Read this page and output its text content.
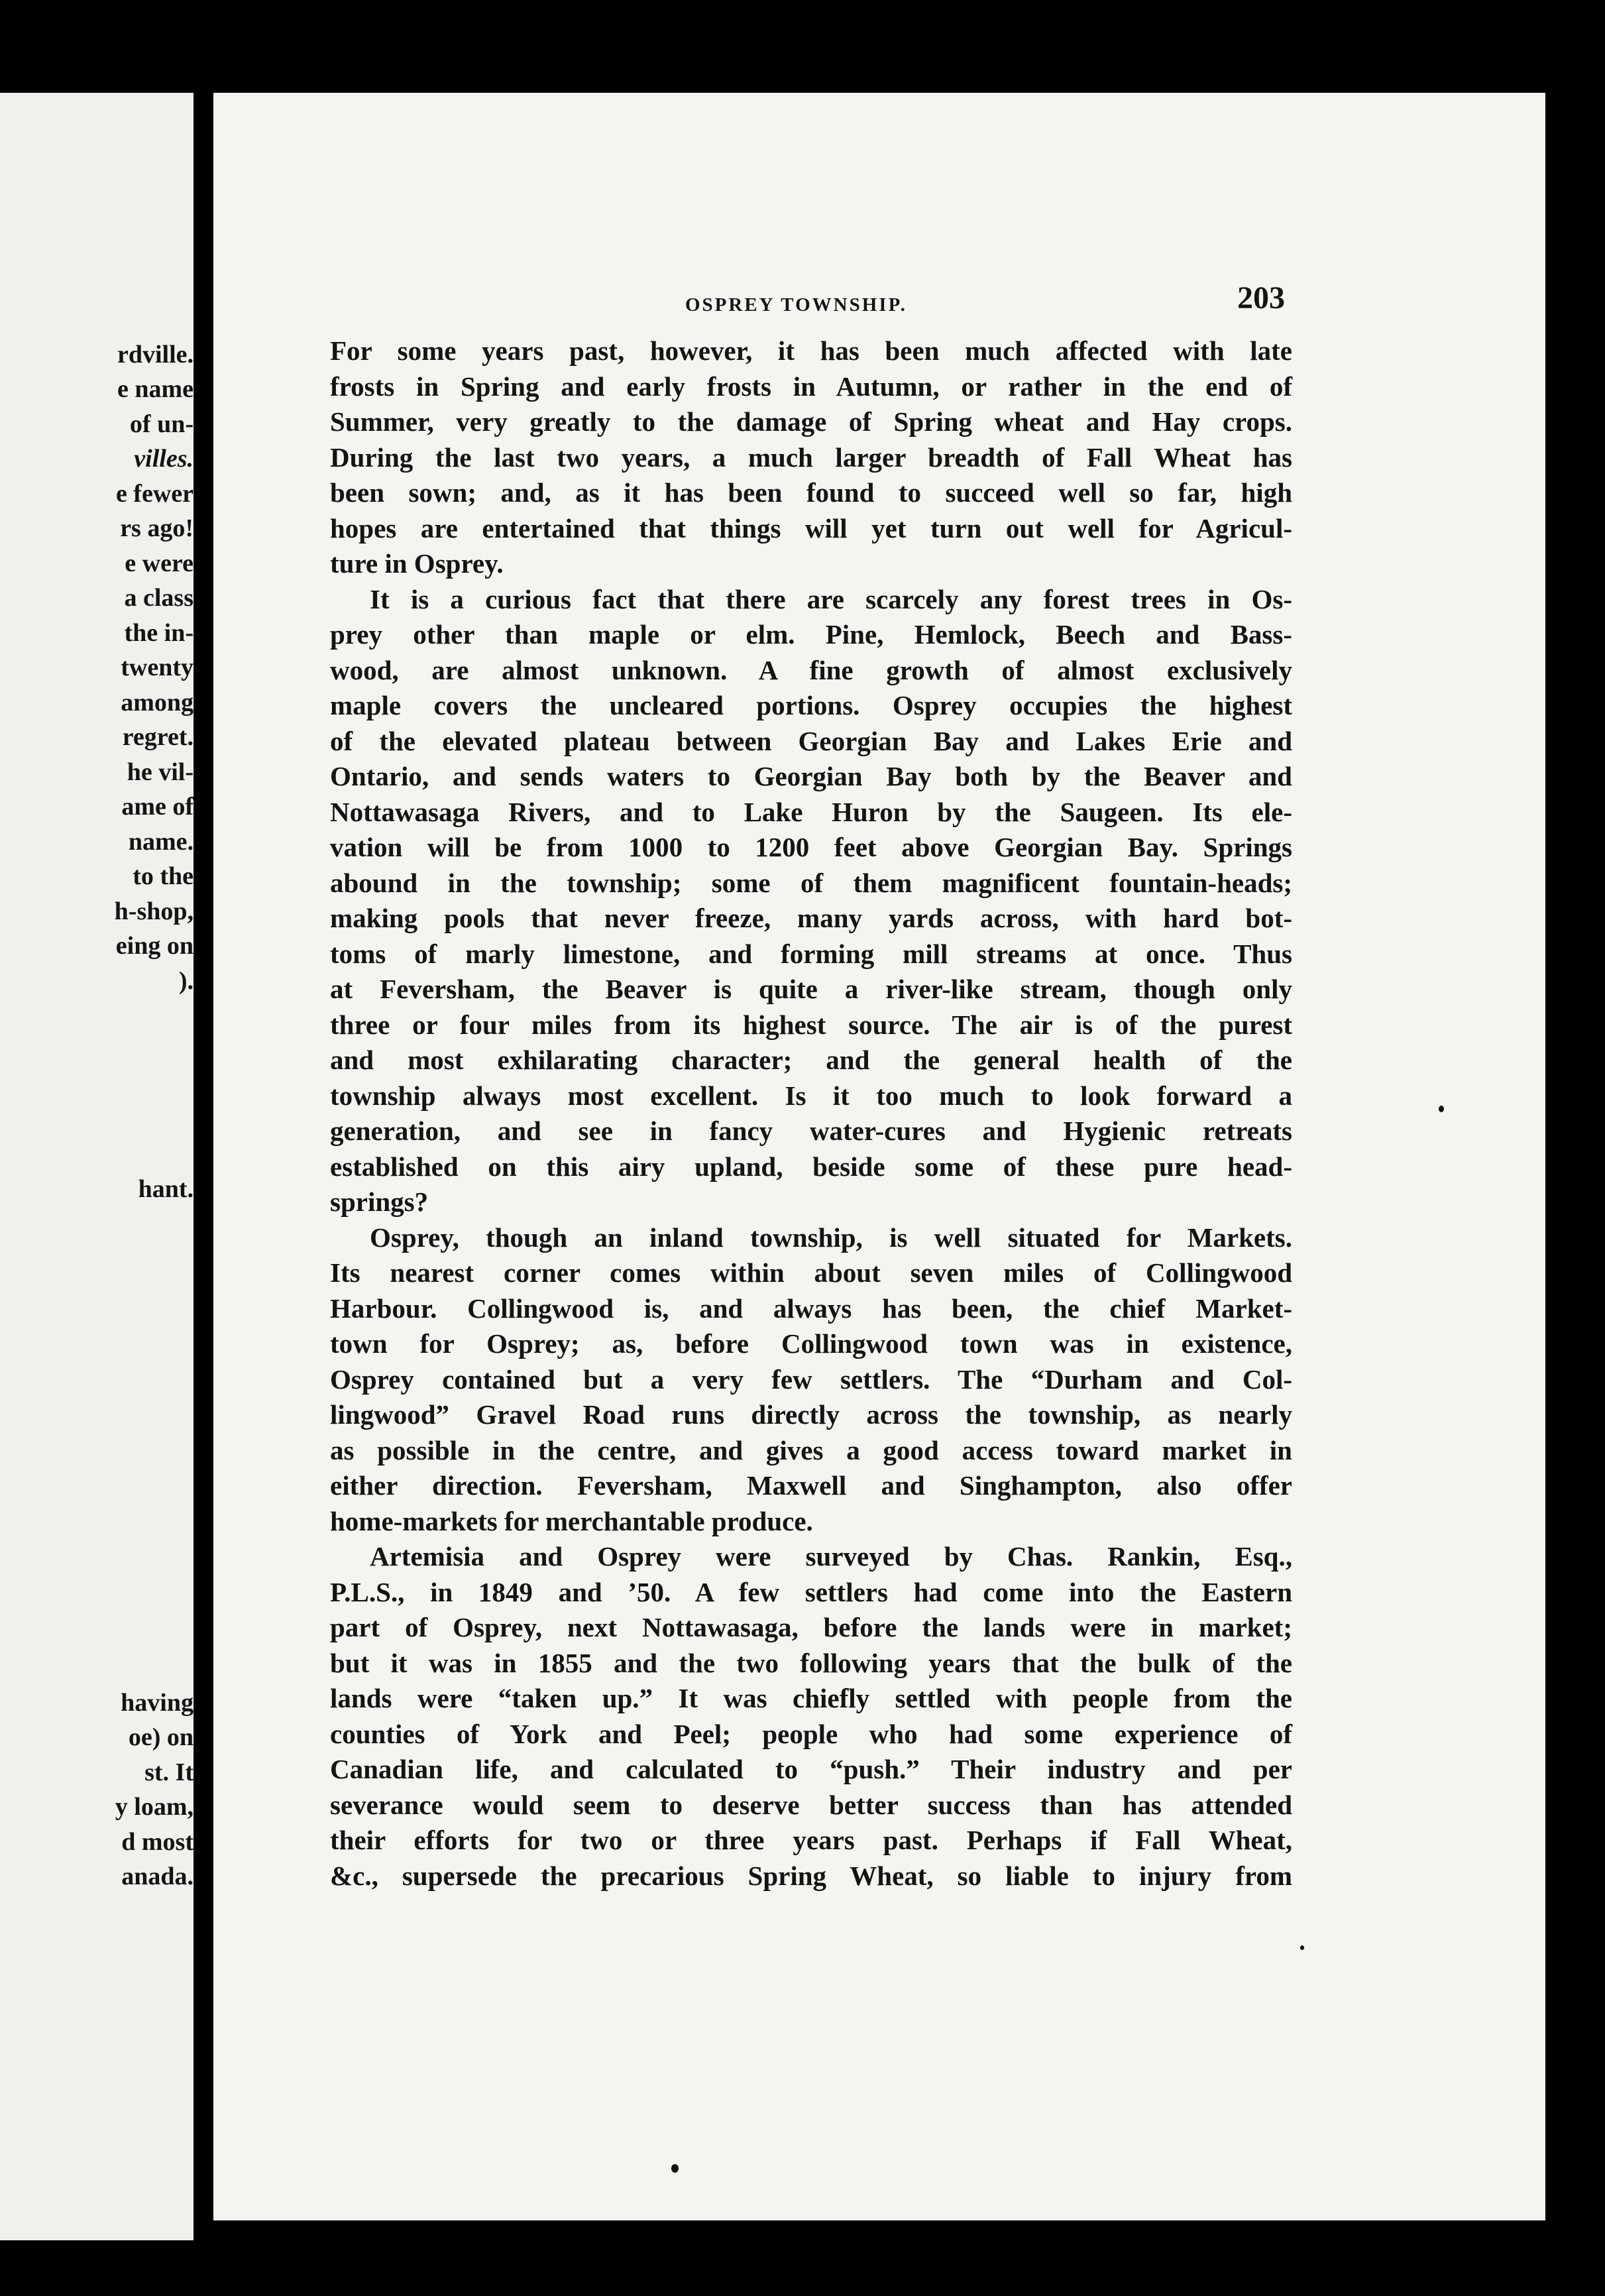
rdville.
e name
of un-
villes.
e fewer
rs ago!
e were
a class
the in-
twenty
among
regret.
he vil-
ame of
name.
to the
h-shop,
eing on
).
hant.
having
oe) on
st. It
y loam,
d most
anada.
OSPREY TOWNSHIP.	203
For some years past, however, it has been much affected with late
frosts in Spring and early frosts in Autumn, or rather in the end of
Summer, very greatly to the damage of Spring wheat and Hay crops.
During the last two years, a much larger breadth of Fall Wheat has
been sown; and, as it has been found to succeed well so far, high
hopes are entertained that things will yet turn out well for Agricul-
ture in Osprey.
It is a curious fact that there are scarcely any forest trees in Os-
prey other than maple or elm. Pine, Hemlock, Beech and Bass-
wood, are almost unknown. A fine growth of almost exclusively
maple covers the uncleared portions. Osprey occupies the highest
of the elevated plateau between Georgian Bay and Lakes Erie and
Ontario, and sends waters to Georgian Bay both by the Beaver and
Nottawasaga Rivers, and to Lake Huron by the Saugeen. Its ele-
vation will be from 1000 to 1200 feet above Georgian Bay. Springs
abound in the township; some of them magnificent fountain-heads;
making pools that never freeze, many yards across, with hard bot-
toms of marly limestone, and forming mill streams at once. Thus
at Feversham, the Beaver is quite a river-like stream, though only
three or four miles from its highest source. The air is of the purest
and most exhilarating character; and the general health of the
township always most excellent. Is it too much to look forward a
generation, and see in fancy water-cures and Hygienic retreats
established on this airy upland, beside some of these pure head-
springs?
Osprey, though an inland township, is well situated for Markets.
Its nearest corner comes within about seven miles of Collingwood
Harbour. Collingwood is, and always has been, the chief Market-
town for Osprey; as, before Collingwood town was in existence,
Osprey contained but a very few settlers. The “Durham and Col-
lingwood” Gravel Road runs directly across the township, as nearly
as possible in the centre, and gives a good access toward market in
either direction. Feversham, Maxwell and Singhampton, also offer
home-markets for merchantable produce.
Artemisia and Osprey were surveyed by Chas. Rankin, Esq.,
P.L.S., in 1849 and ’50. A few settlers had come into the Eastern
part of Osprey, next Nottawasaga, before the lands were in market;
but it was in 1855 and the two following years that the bulk of the
lands were “taken up.” It was chiefly settled with people from the
counties of York and Peel; people who had some experience of
Canadian life, and calculated to “push.” Their industry and per
severance would seem to deserve better success than has attended
their efforts for two or three years past. Perhaps if Fall Wheat,
&c., supersede the precarious Spring Wheat, so liable to injury from
